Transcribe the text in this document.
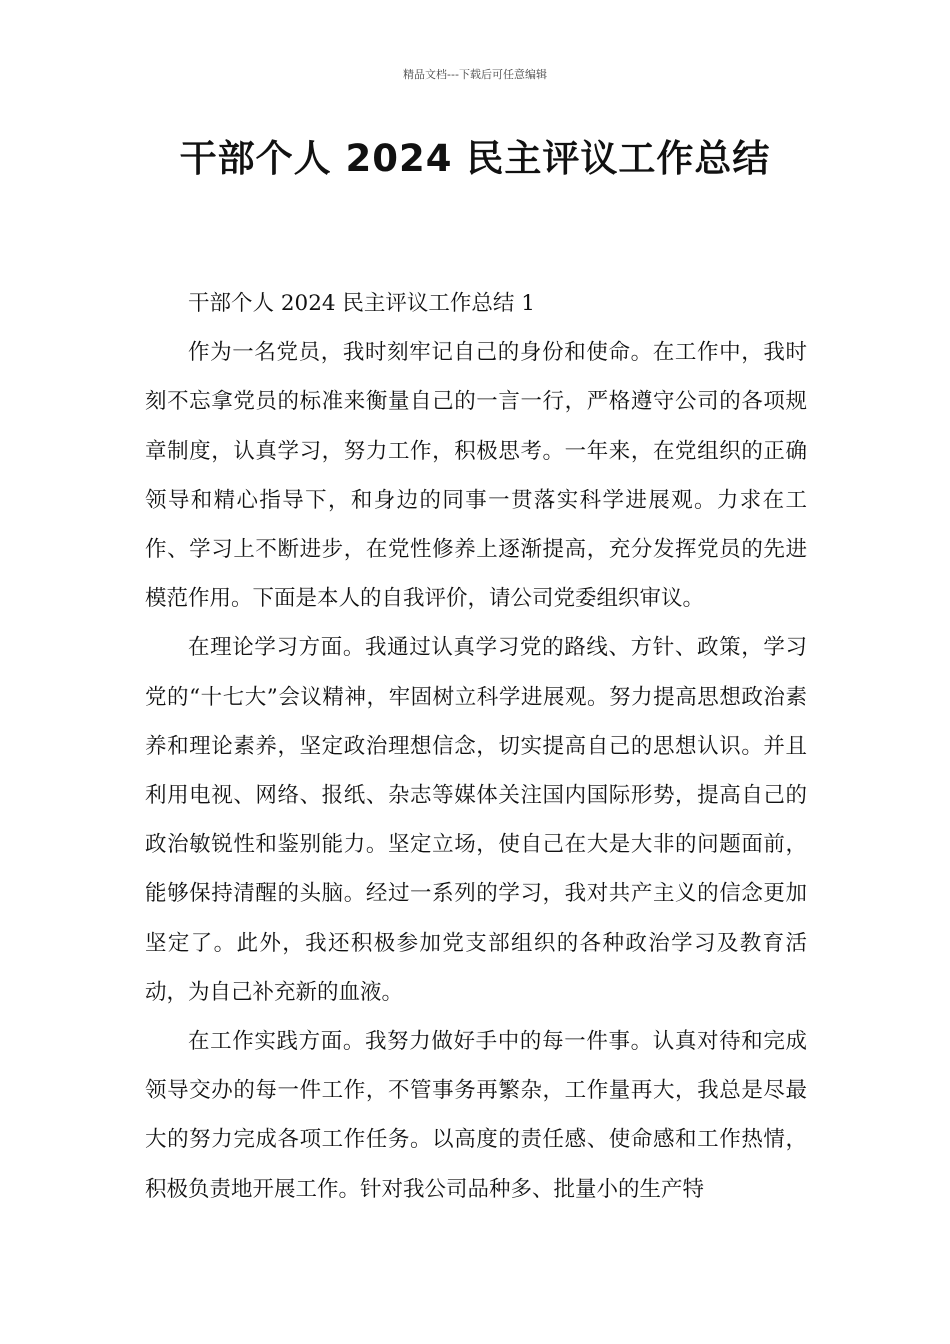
精品文档---下载后可任意编辑
干部个人 2024 民主评议工作总结

干部个人 2024 民主评议工作总结 1

作为一名党员，我时刻牢记自己的身份和使命。在工作中，我时刻不忘拿党员的标准来衡量自己的一言一行，严格遵守公司的各项规章制度，认真学习，努力工作，积极思考。一年来，在党组织的正确领导和精心指导下，和身边的同事一贯落实科学进展观。力求在工作、学习上不断进步，在党性修养上逐渐提高，充分发挥党员的先进模范作用。下面是本人的自我评价，请公司党委组织审议。

在理论学习方面。我通过认真学习党的路线、方针、政策，学习党的“十七大”会议精神，牢固树立科学进展观。努力提高思想政治素养和理论素养，坚定政治理想信念，切实提高自己的思想认识。并且利用电视、网络、报纸、杂志等媒体关注国内国际形势，提高自己的政治敏锐性和鉴别能力。坚定立场，使自己在大是大非的问题面前，能够保持清醒的头脑。经过一系列的学习，我对共产主义的信念更加坚定了。此外，我还积极参加党支部组织的各种政治学习及教育活动，为自己补充新的血液。

在工作实践方面。我努力做好手中的每一件事。认真对待和完成领导交办的每一件工作，不管事务再繁杂，工作量再大，我总是尽最大的努力完成各项工作任务。以高度的责任感、使命感和工作热情，积极负责地开展工作。针对我公司品种多、批量小的生产特
